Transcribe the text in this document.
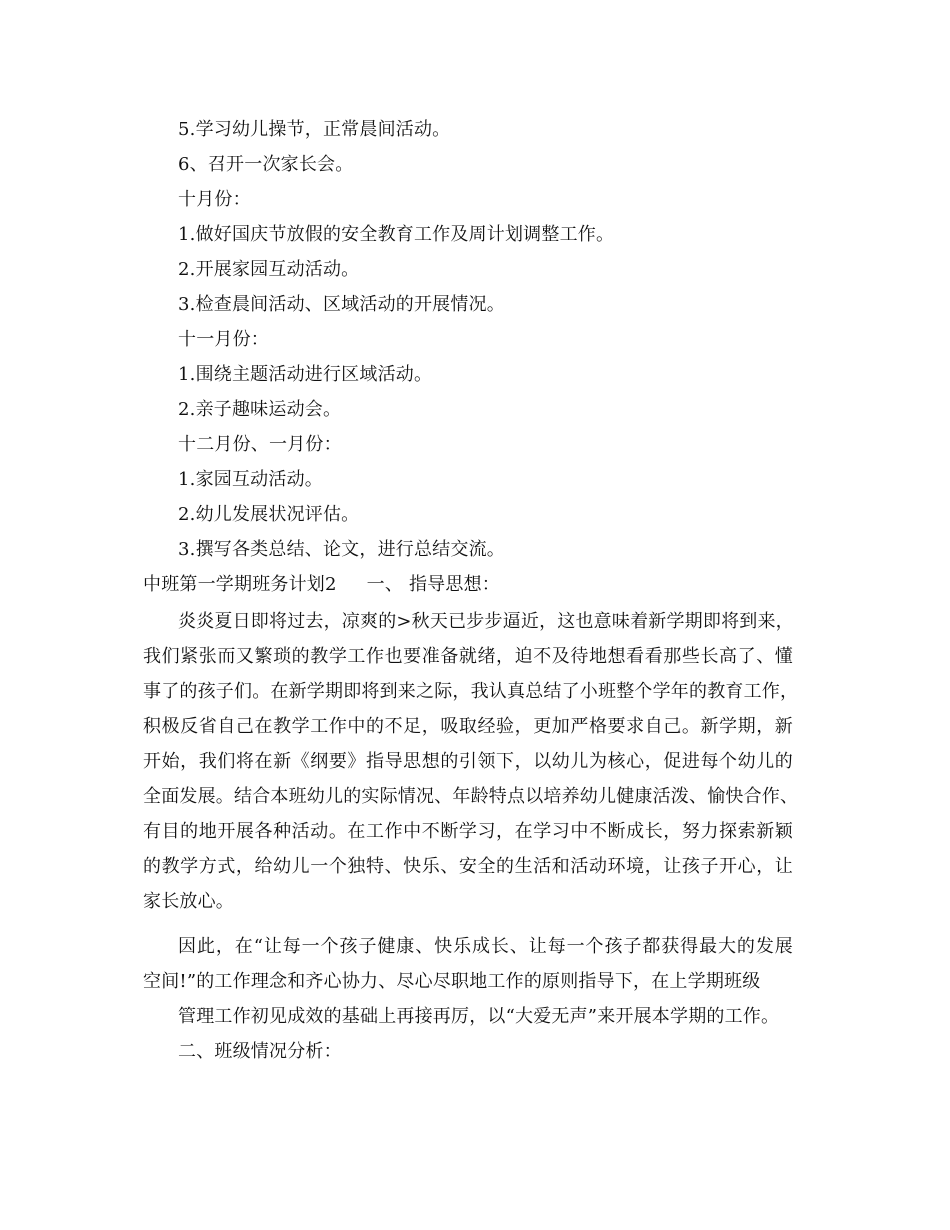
5.学习幼儿操节，正常晨间活动。
6、召开一次家长会。
十月份：
1.做好国庆节放假的安全教育工作及周计划调整工作。
2.开展家园互动活动。
3.检查晨间活动、区域活动的开展情况。
十一月份：
1.围绕主题活动进行区域活动。
2.亲子趣味运动会。
十二月份、一月份：
1.家园互动活动。
2.幼儿发展状况评估。
3.撰写各类总结、论文，进行总结交流。
中班第一学期班务计划2 一、 指导思想：
炎炎夏日即将过去，凉爽的>秋天已步步逼近，这也意味着新学期即将到来，
我们紧张而又繁琐的教学工作也要准备就绪，迫不及待地想看看那些长高了、懂
事了的孩子们。在新学期即将到来之际，我认真总结了小班整个学年的教育工作，
积极反省自己在教学工作中的不足，吸取经验，更加严格要求自己。新学期，新
开始，我们将在新《纲要》指导思想的引领下，以幼儿为核心，促进每个幼儿的
全面发展。结合本班幼儿的实际情况、年龄特点以培养幼儿健康活泼、愉快合作、
有目的地开展各种活动。在工作中不断学习，在学习中不断成长，努力探索新颖
的教学方式，给幼儿一个独特、快乐、安全的生活和活动环境，让孩子开心，让
家长放心。
因此，在“让每一个孩子健康、快乐成长、让每一个孩子都获得最大的发展
空间!”的工作理念和齐心协力、尽心尽职地工作的原则指导下，在上学期班级
管理工作初见成效的基础上再接再厉，以“大爱无声”来开展本学期的工作。
二、班级情况分析：
